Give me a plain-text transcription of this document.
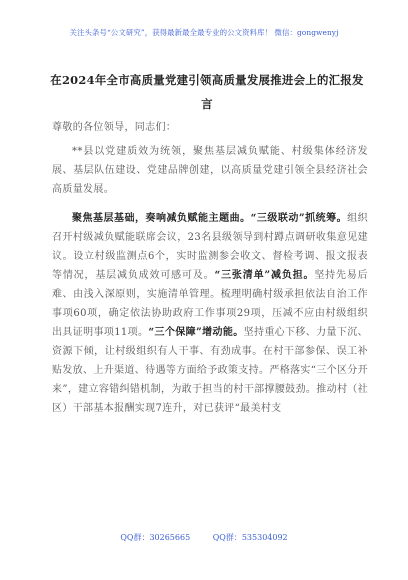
关注头条号“公文研究”，获得最新最全最专业的公文资料库！ 微信：gongwenyj
在2024年全市高质量党建引领高质量发展推进会上的汇报发言
尊敬的各位领导，同志们：
**县以党建质效为统领，聚焦基层减负赋能、村级集体经济发展、基层队伍建设、党建品牌创建，以高质量党建引领全县经济社会高质量发展。
聚焦基层基础，奏响减负赋能主题曲。“三级联动”抓统筹。组织召开村级减负赋能联席会议，23名县级领导到村蹲点调研收集意见建议。设立村级监测点6个，实时监测参会收文、督检考调、报文报表等情况，基层减负成效可感可及。“三张清单”减负担。坚持先易后难、由浅入深原则，实施清单管理。梳理明确村级承担依法自治工作事项60项，确定依法协助政府工作事项29项，压减不应由村级组织出具证明事项11项。“三个保障”增动能。坚持重心下移、力量下沉、资源下倾，让村级组织有人干事、有劲成事。在村干部参保、误工补贴发放、上升渠道、待遇等方面给予政策支持。严格落实“三个区分开来”，建立容错纠错机制，为敢于担当的村干部撑腰鼓劲。推动村（社区）干部基本报酬实现7连升，对已获评“最美村支
QQ群：30265665	QQ群：535304092
